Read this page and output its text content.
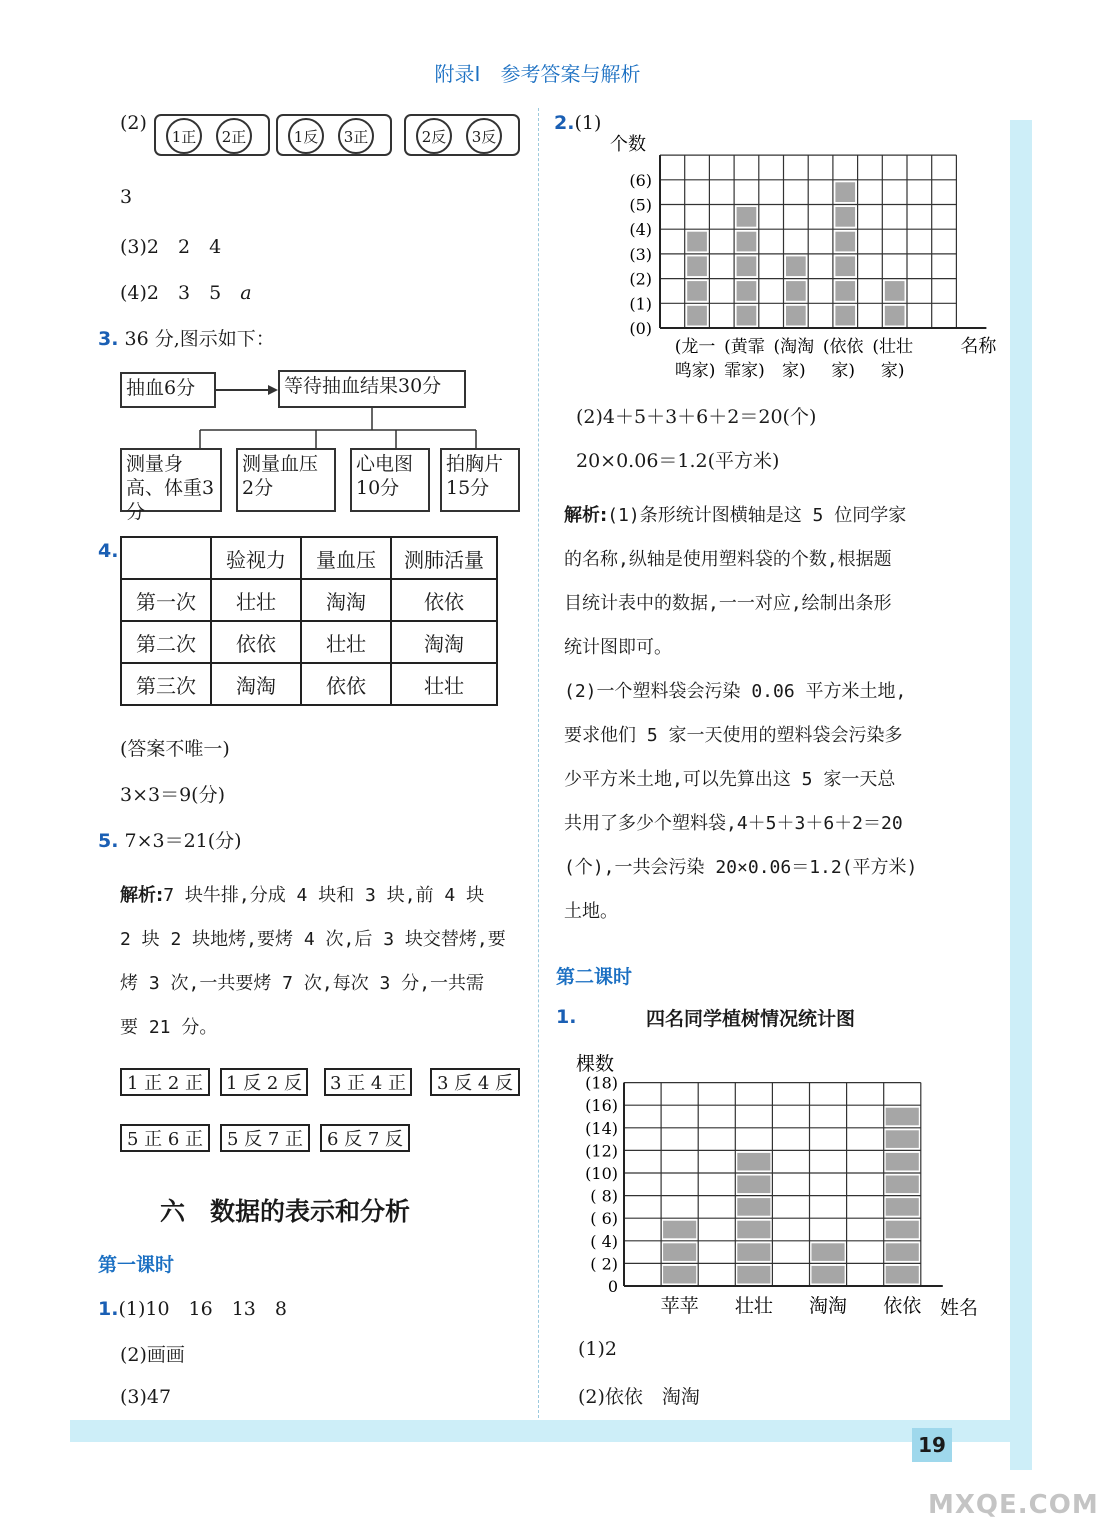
附录Ⅰ　参考答案与解析
(2)
1正	2正	1反	3正	2反	3反
3
(3)2　2　4
(4)2　3　5　 a
3. 36 分,图示如下：
抽血6分	等待抽血结果30分
测量身高、体重3分
测量血压2分
心电图10分
拍胸片15分
4.
		验视力	量血压	测肺活量
第一次	壮壮	淘淘	依依
第二次	依依	壮壮	淘淘
第三次	淘淘	依依	壮壮
(答案不唯一)
3×3＝9(分)
5. 7×3＝21(分)
解析:7 块牛排,分成 4 块和 3 块,前 4 块
2 块 2 块地烤,要烤 4 次,后 3 块交替烤,要
烤 3 次,一共要烤 7 次,每次 3 分,一共需
要 21 分。
1 正 2 正	1 反 2 反	3 正 4 正	3 反 4 反
5 正 6 正	5 反 7 正	6 反 7 反
六　数据的表示和分析
第一课时
1.(1)10　16　13　8
(2)画画
(3)47
2.(1)
(0)
(1)
(2)
(3)
(4)
(5)
(6)
个数
(龙一
鸣家)
(黄霏
霏家)
(淘淘
家)
(依依
家)
(壮壮
家)
名称
(2)4＋5＋3＋6＋2＝20(个)
20×0.06＝1.2(平方米)
解析:(1)条形统计图横轴是这 5 位同学家
的名称,纵轴是使用塑料袋的个数,根据题
目统计表中的数据,一一对应,绘制出条形
统计图即可。
(2)一个塑料袋会污染 0.06 平方米土地,
要求他们 5 家一天使用的塑料袋会污染多
少平方米土地,可以先算出这 5 家一天总
共用了多少个塑料袋,4＋5＋3＋6＋2＝20
(个),一共会污染 20×0.06＝1.2(平方米)
土地。
第二课时
1.	四名同学植树情况统计图
苹苹 壮壮 淘淘 依依
0
( 2)
( 4)
( 6)
( 8)
(10)
(12)
(14)
(16)
(18)
棵数
姓名
(1)2
(2)依依　淘淘
19
MXQE.COM
